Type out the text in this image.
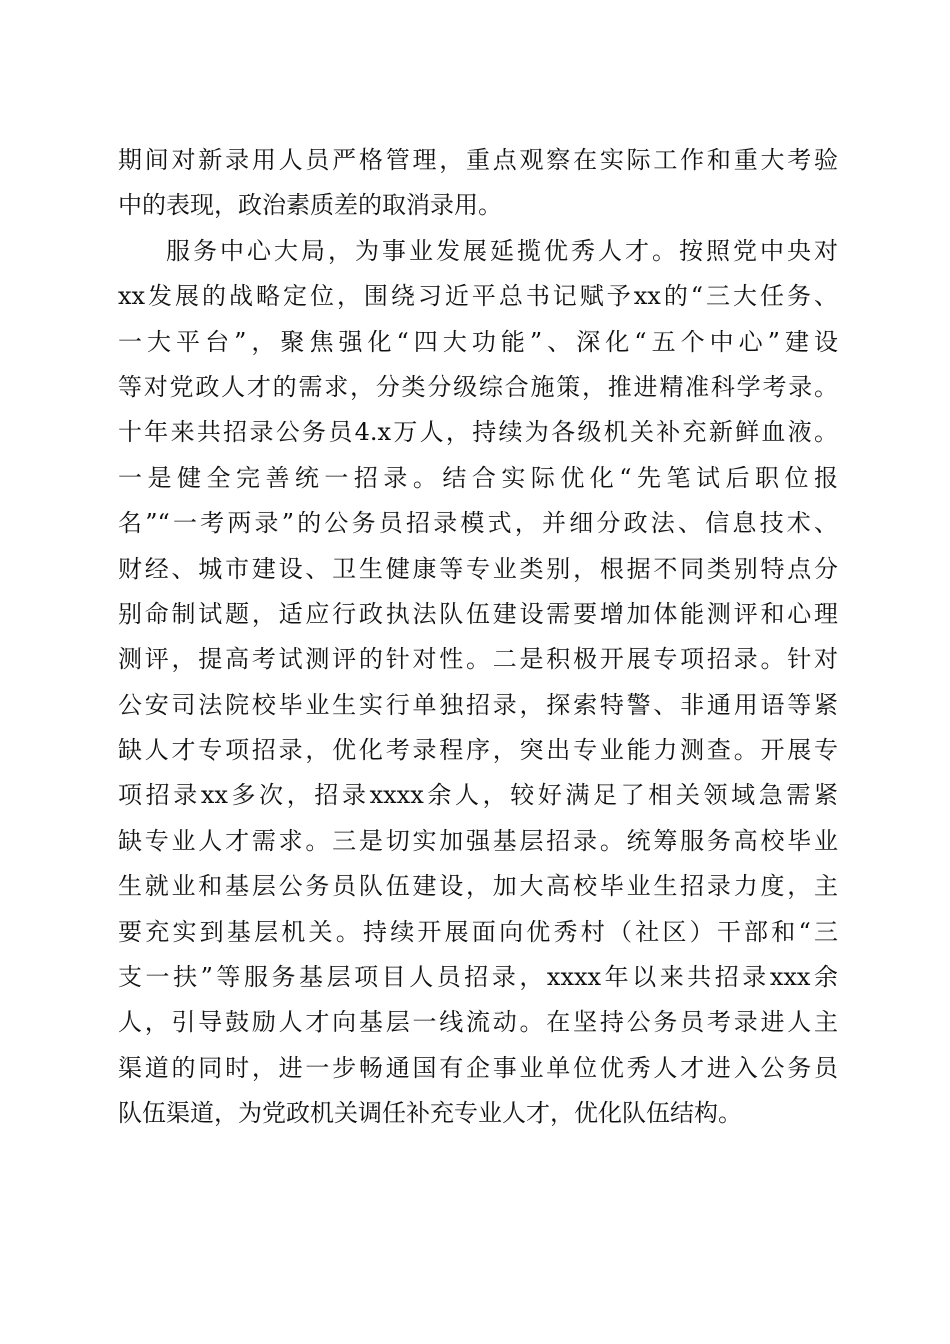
期间对新录用人员严格管理，重点观察在实际工作和重大考验
中的表现，政治素质差的取消录用。
服务中心大局，为事业发展延揽优秀人才。按照党中央对
xx发展的战略定位，围绕习近平总书记赋予xx的“三大任务、
一大平台”，聚焦强化“四大功能”、深化“五个中心”建设
等对党政人才的需求，分类分级综合施策，推进精准科学考录。
十年来共招录公务员4.x万人，持续为各级机关补充新鲜血液。
一是健全完善统一招录。结合实际优化“先笔试后职位报
名”“一考两录”的公务员招录模式，并细分政法、信息技术、
财经、城市建设、卫生健康等专业类别，根据不同类别特点分
别命制试题，适应行政执法队伍建设需要增加体能测评和心理
测评，提高考试测评的针对性。二是积极开展专项招录。针对
公安司法院校毕业生实行单独招录，探索特警、非通用语等紧
缺人才专项招录，优化考录程序，突出专业能力测查。开展专
项招录xx多次，招录xxxx余人，较好满足了相关领域急需紧
缺专业人才需求。三是切实加强基层招录。统筹服务高校毕业
生就业和基层公务员队伍建设，加大高校毕业生招录力度，主
要充实到基层机关。持续开展面向优秀村（社区）干部和“三
支一扶”等服务基层项目人员招录，xxxx年以来共招录xxx余
人，引导鼓励人才向基层一线流动。在坚持公务员考录进人主
渠道的同时，进一步畅通国有企事业单位优秀人才进入公务员
队伍渠道，为党政机关调任补充专业人才，优化队伍结构。
